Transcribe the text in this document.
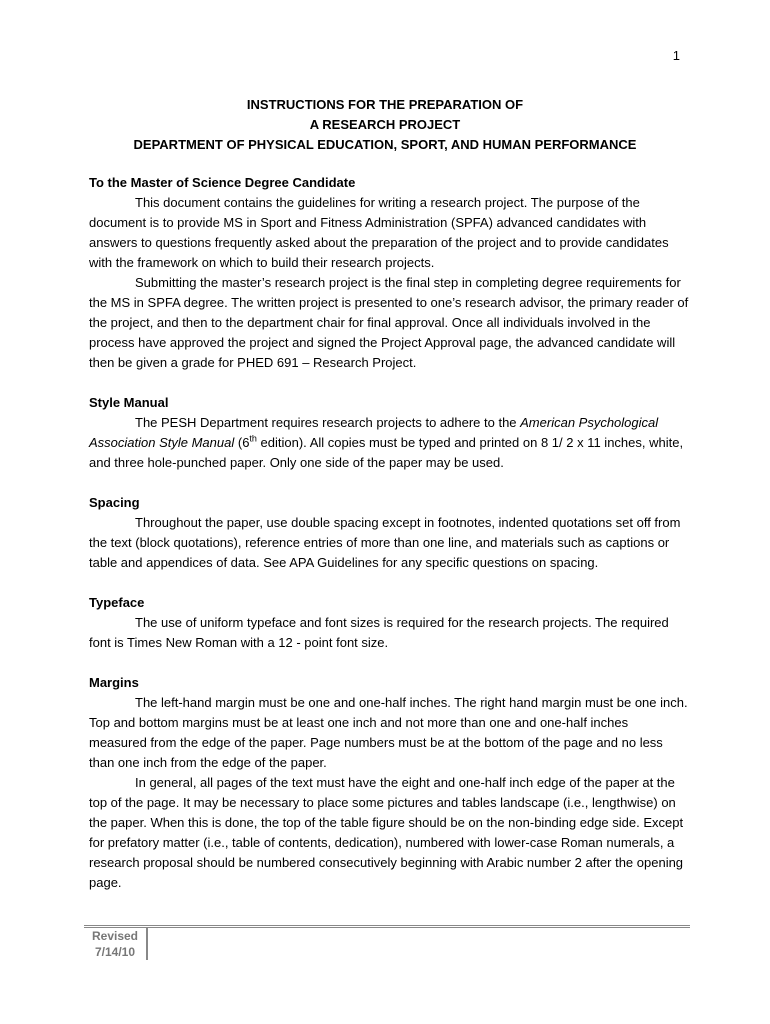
1
INSTRUCTIONS FOR THE PREPARATION OF
A RESEARCH PROJECT
DEPARTMENT OF PHYSICAL EDUCATION, SPORT, AND HUMAN PERFORMANCE

To the Master of Science Degree Candidate

This document contains the guidelines for writing a research project. The purpose of the document is to provide MS in Sport and Fitness Administration (SPFA) advanced candidates with answers to questions frequently asked about the preparation of the project and to provide candidates with the framework on which to build their research projects.

Submitting the master’s research project is the final step in completing degree requirements for the MS in SPFA degree. The written project is presented to one’s research advisor, the primary reader of the project, and then to the department chair for final approval. Once all individuals involved in the process have approved the project and signed the Project Approval page, the advanced candidate will then be given a grade for PHED 691 – Research Project.

Style Manual

The PESH Department requires research projects to adhere to the American Psychological Association Style Manual (6th edition). All copies must be typed and printed on 8 1/ 2 x 11 inches, white, and three hole-punched paper. Only one side of the paper may be used.

Spacing

Throughout the paper, use double spacing except in footnotes, indented quotations set off from the text (block quotations), reference entries of more than one line, and materials such as captions or table and appendices of data. See APA Guidelines for any specific questions on spacing.

Typeface

The use of uniform typeface and font sizes is required for the research projects. The required font is Times New Roman with a 12 - point font size.

Margins

The left-hand margin must be one and one-half inches. The right hand margin must be one inch. Top and bottom margins must be at least one inch and not more than one and one-half inches measured from the edge of the paper. Page numbers must be at the bottom of the page and no less than one inch from the edge of the paper.

In general, all pages of the text must have the eight and one-half inch edge of the paper at the top of the page. It may be necessary to place some pictures and tables landscape (i.e., lengthwise) on the paper. When this is done, the top of the table figure should be on the non-binding edge side. Except for prefatory matter (i.e., table of contents, dedication), numbered with lower-case Roman numerals, a research proposal should be numbered consecutively beginning with Arabic number 2 after the opening page.

Revised
7/14/10
